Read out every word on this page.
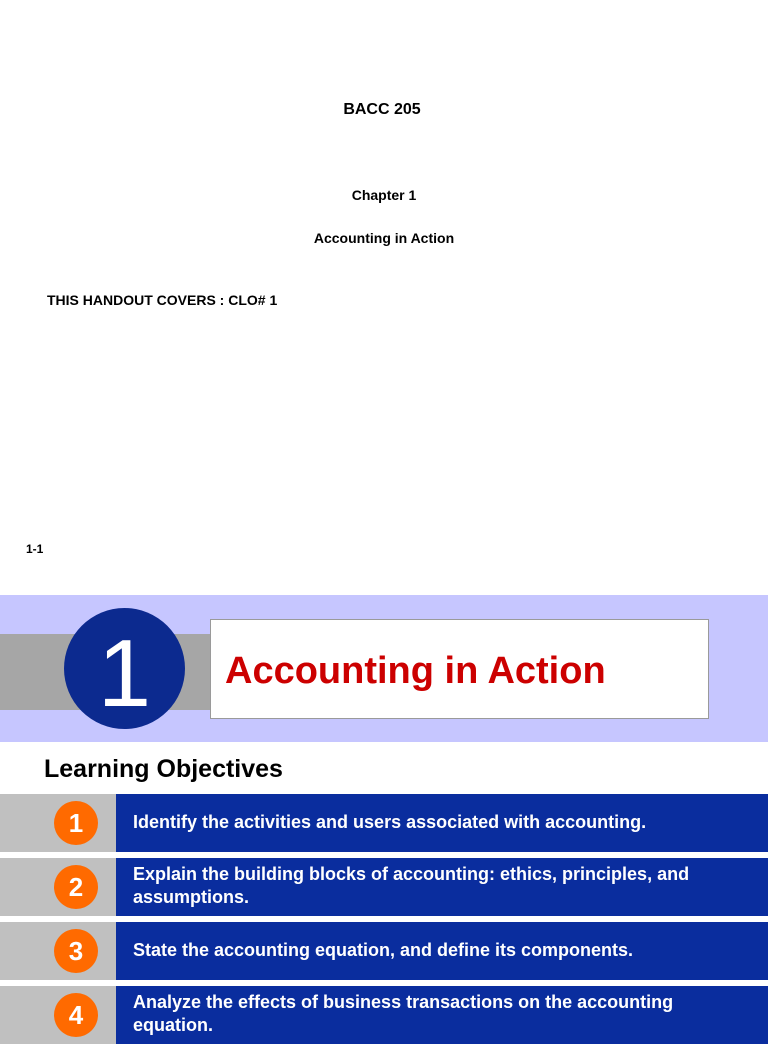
BACC 205
Chapter 1
Accounting in Action
THIS HANDOUT COVERS : CLO# 1
1-1
1	Accounting in Action
Learning Objectives
1	Identify the activities and users associated with accounting.
2	Explain the building blocks of accounting: ethics, principles, and assumptions.
3	State the accounting equation, and define its components.
4	Analyze the effects of business transactions on the accounting equation.
